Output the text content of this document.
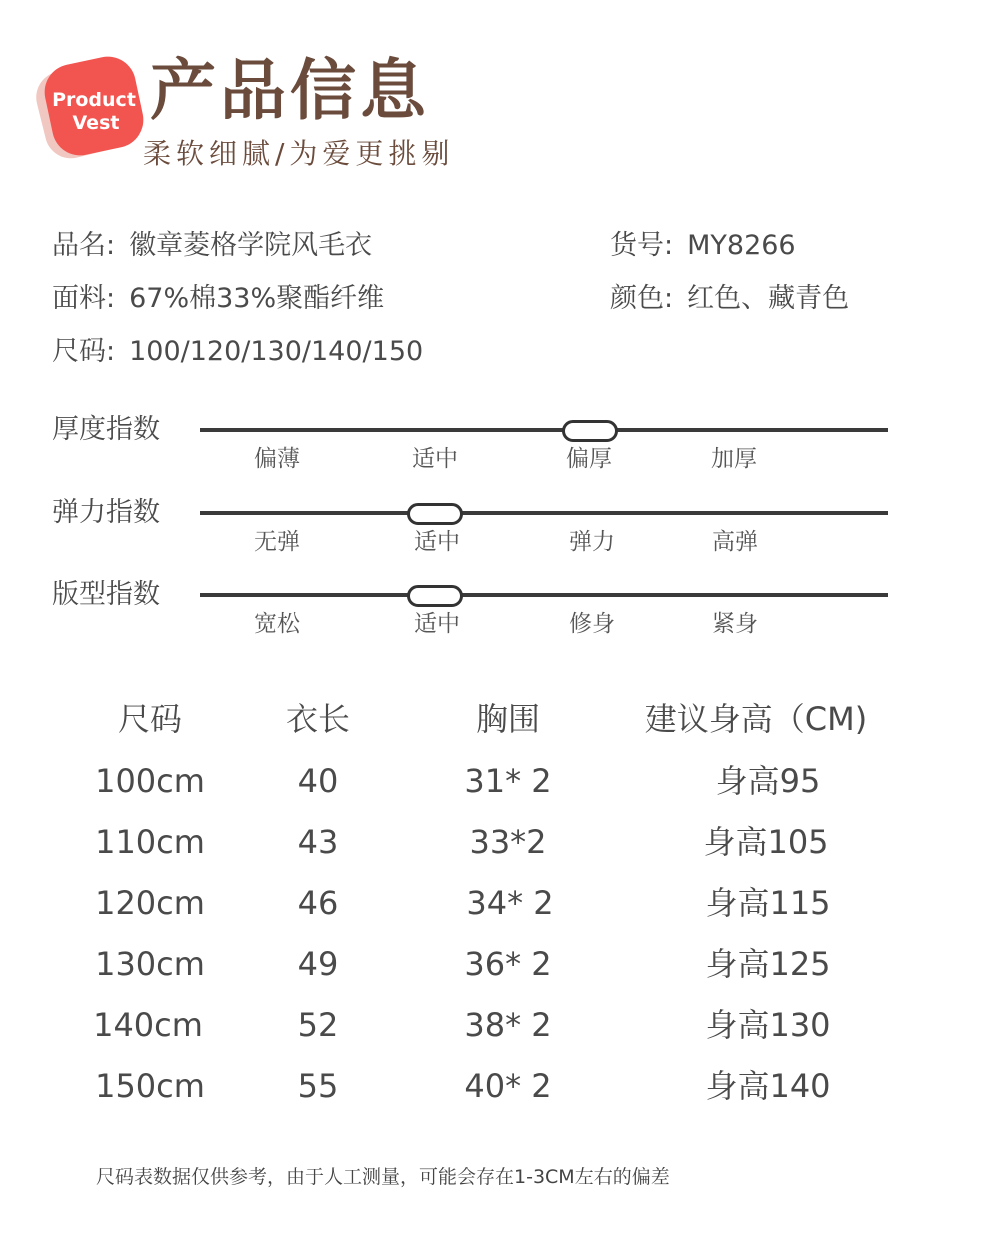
Product
Vest 产品信息
柔软细腻/为爱更挑剔
品名: 徽章菱格学院风毛衣	货号: MY8266
面料: 67%棉33%聚酯纤维	颜色: 红色、藏青色
尺码: 100/120/130/140/150
厚度指数
偏薄	适中	偏厚	加厚
弹力指数
无弹	适中	弹力	高弹
版型指数
宽松	适中	修身	紧身
尺码	衣长	胸围	建议身高（CM)
100cm	40	31* 2	身高95
110cm	43	33*2	身高105
120cm	46	34* 2	身高115
130cm	49	36* 2	身高125
140cm	52	38* 2	身高130
150cm	55	40* 2	身高140
尺码表数据仅供参考，由于人工测量，可能会存在1-3CM左右的偏差
